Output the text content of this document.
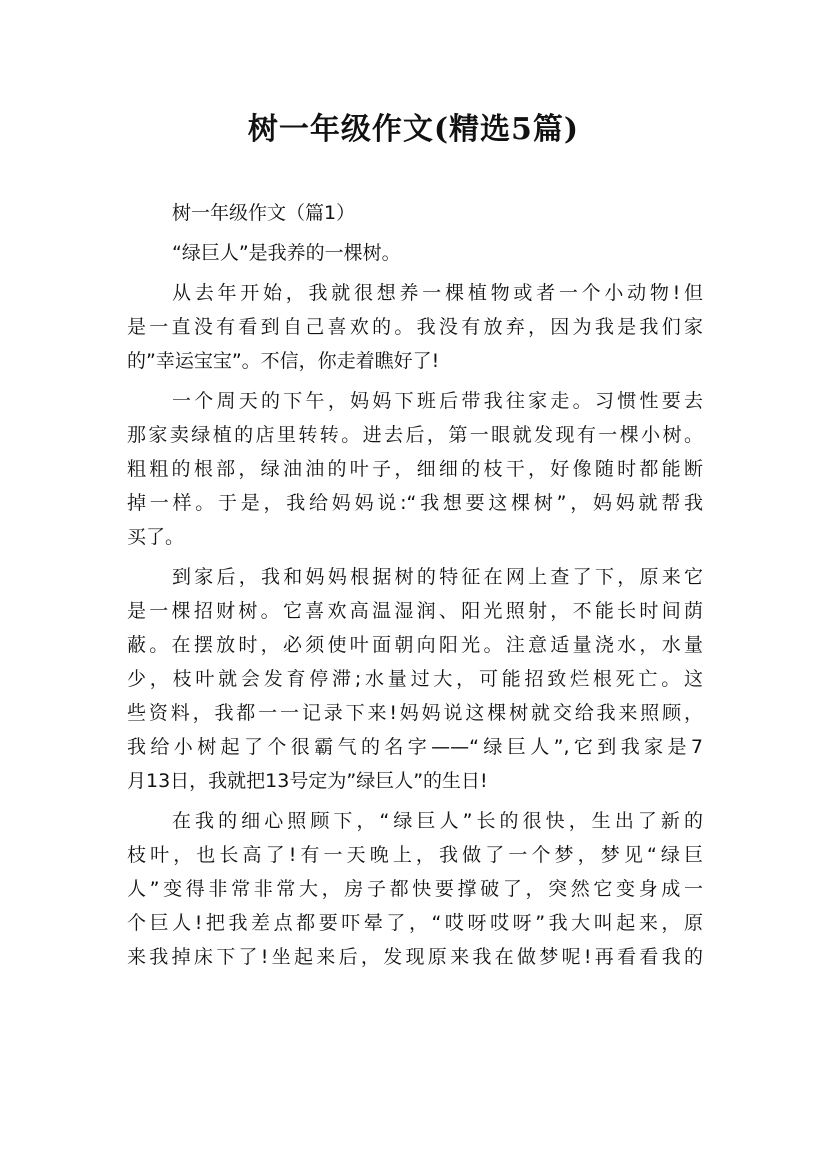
树一年级作文(精选5篇)
树一年级作文（篇1）
“绿巨人”是我养的一棵树。
从去年开始，我就很想养一棵植物或者一个小动物!但
是一直没有看到自己喜欢的。我没有放弃，因为我是我们家
的”幸运宝宝”。不信，你走着瞧好了!
一个周天的下午，妈妈下班后带我往家走。习惯性要去
那家卖绿植的店里转转。进去后，第一眼就发现有一棵小树。
粗粗的根部，绿油油的叶子，细细的枝干，好像随时都能断
掉一样。于是，我给妈妈说:“我想要这棵树”，妈妈就帮我
买了。
到家后，我和妈妈根据树的特征在网上查了下，原来它
是一棵招财树。它喜欢高温湿润、阳光照射，不能长时间荫
蔽。在摆放时，必须使叶面朝向阳光。注意适量浇水，水量
少，枝叶就会发育停滞;水量过大，可能招致烂根死亡。这
些资料，我都一一记录下来!妈妈说这棵树就交给我来照顾，
我给小树起了个很霸气的名字——“绿巨人”,它到我家是7
月13日，我就把13号定为”绿巨人”的生日!
在我的细心照顾下，“绿巨人”长的很快，生出了新的
枝叶，也长高了!有一天晚上，我做了一个梦，梦见“绿巨
人”变得非常非常大，房子都快要撑破了，突然它变身成一
个巨人!把我差点都要吓晕了，“哎呀哎呀”我大叫起来，原
来我掉床下了!坐起来后，发现原来我在做梦呢!再看看我的
